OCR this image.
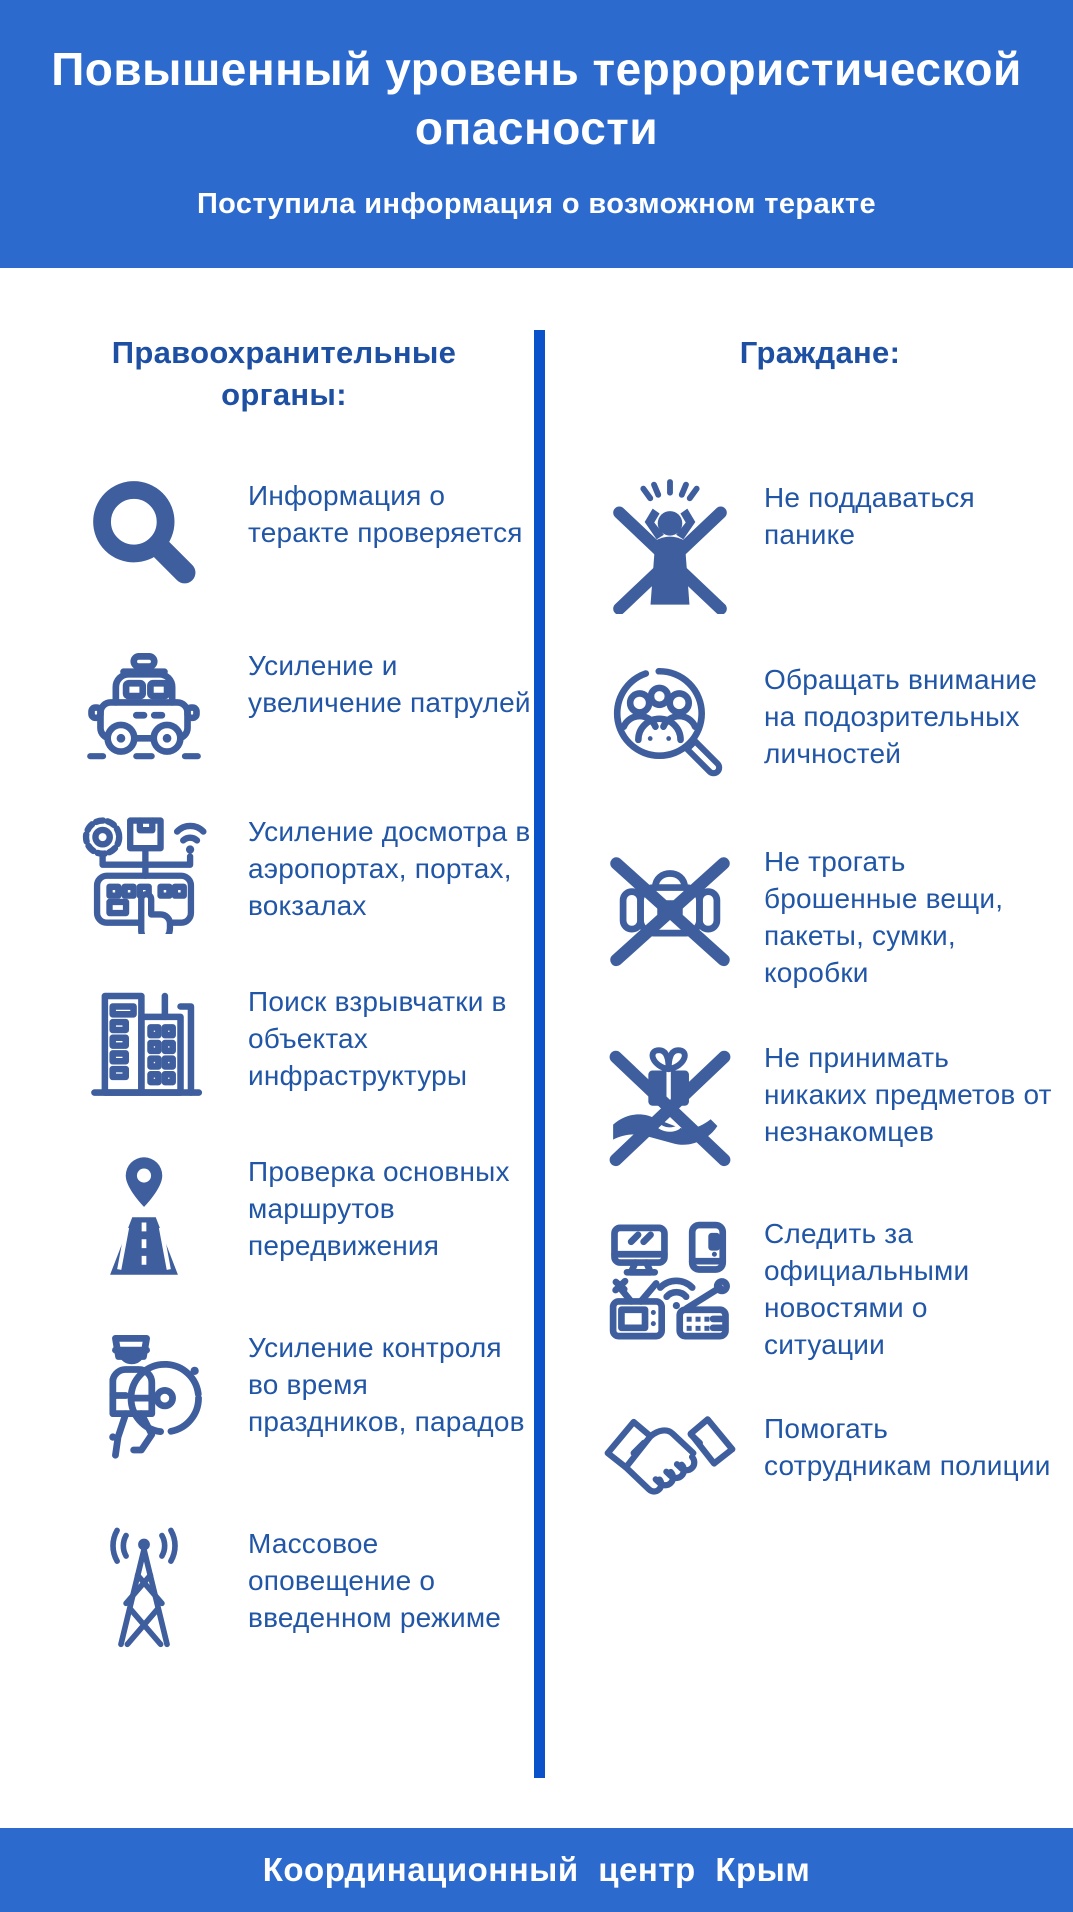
Повышенный уровень террористической опасности
Поступила информация о возможном теракте
Правоохранительные органы:
Информация о теракте проверяется
Усиление и увеличение патрулей
Усиление досмотра в аэропортах, портах, вокзалах
Поиск взрывчатки в объектах инфраструктуры
Проверка основных маршрутов передвижения
Усиление контроля во время праздников, парадов
Массовое оповещение о введенном режиме
Граждане:
Не поддаваться панике
Обращать внимание на подозрительных личностей
Не трогать брошенные вещи, пакеты, сумки, коробки
Не принимать никаких предметов от незнакомцев
Следить за официальными новостями о ситуации
Помогать сотрудникам полиции
Координационный центр Крым
